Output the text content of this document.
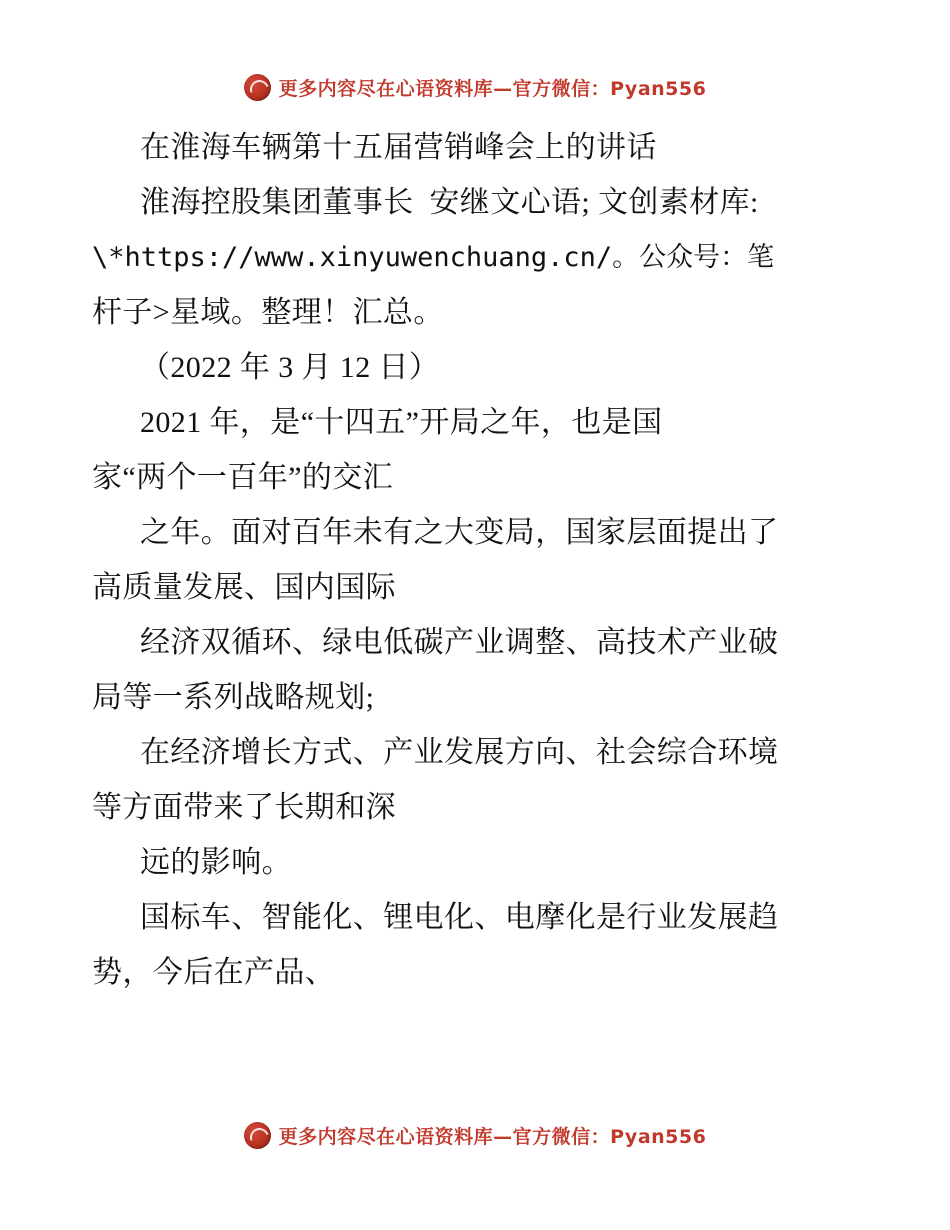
更多内容尽在心语资料库—官方微信：Pyan556
在淮海车辆第十五届营销峰会上的讲话
淮海控股集团董事长  安继文心语; 文创素材库:
\*https://www.xinyuwenchuang.cn/。公众号：笔
杆子>星域。整理！汇总。
（2022 年 3 月 12 日）
2021 年，是“十四五”开局之年，也是国
家“两个一百年”的交汇
之年。面对百年未有之大变局，国家层面提出了
高质量发展、国内国际
经济双循环、绿电低碳产业调整、高技术产业破
局等一系列战略规划;
在经济增长方式、产业发展方向、社会综合环境
等方面带来了长期和深
远的影响。
国标车、智能化、锂电化、电摩化是行业发展趋
势，今后在产品、
更多内容尽在心语资料库—官方微信：Pyan556
